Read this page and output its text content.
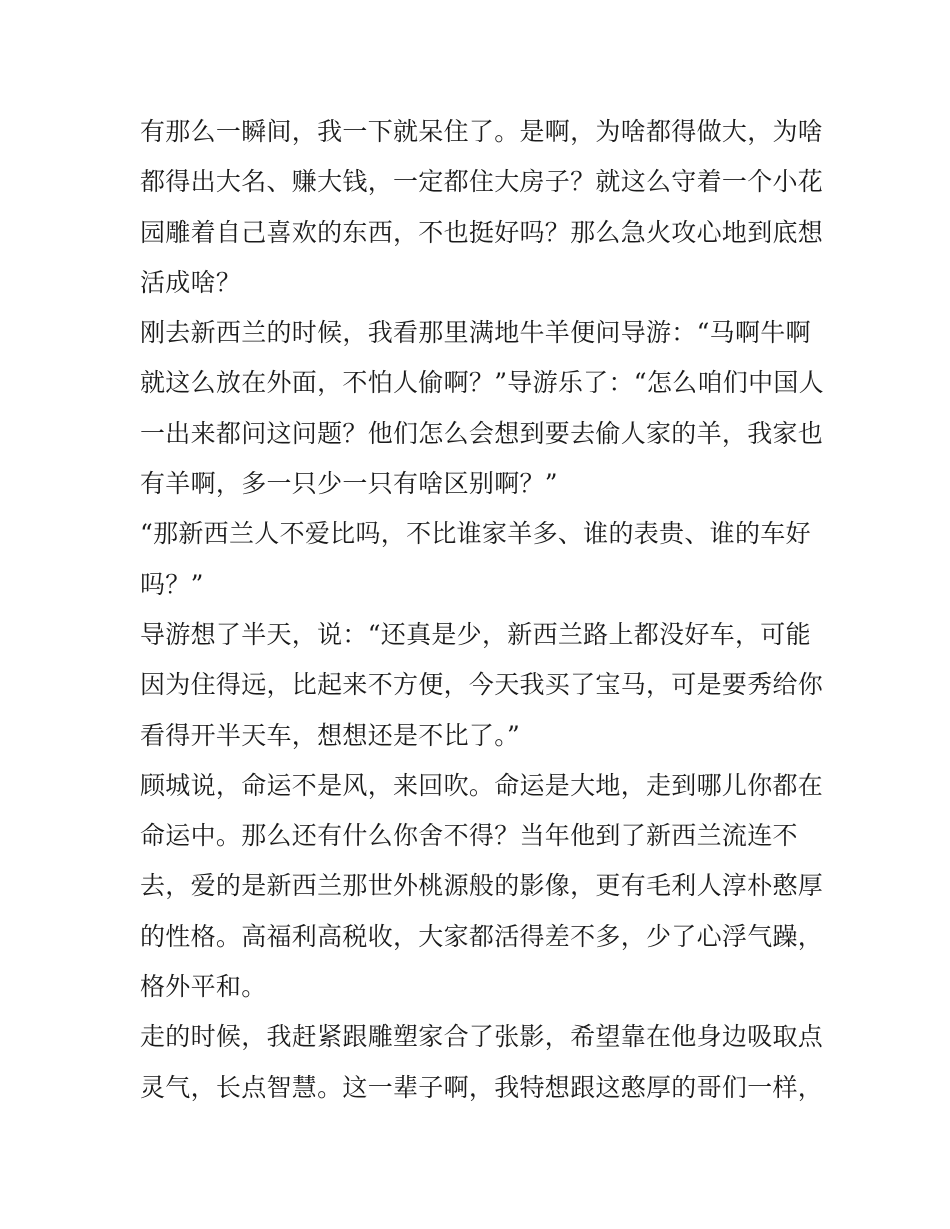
有那么一瞬间，我一下就呆住了。是啊，为啥都得做大，为啥
都得出大名、赚大钱，一定都住大房子？就这么守着一个小花
园雕着自己喜欢的东西，不也挺好吗？那么急火攻心地到底想
活成啥？

刚去新西兰的时候，我看那里满地牛羊便问导游：“马啊牛啊
就这么放在外面，不怕人偷啊？”导游乐了：“怎么咱们中国人
一出来都问这问题？他们怎么会想到要去偷人家的羊，我家也
有羊啊，多一只少一只有啥区别啊？”

“那新西兰人不爱比吗，不比谁家羊多、谁的表贵、谁的车好
吗？”

导游想了半天，说：“还真是少，新西兰路上都没好车，可能
因为住得远，比起来不方便，今天我买了宝马，可是要秀给你
看得开半天车，想想还是不比了。”

顾城说，命运不是风，来回吹。命运是大地，走到哪儿你都在
命运中。那么还有什么你舍不得？当年他到了新西兰流连不
去，爱的是新西兰那世外桃源般的影像，更有毛利人淳朴憨厚
的性格。高福利高税收，大家都活得差不多，少了心浮气躁，
格外平和。

走的时候，我赶紧跟雕塑家合了张影，希望靠在他身边吸取点
灵气，长点智慧。这一辈子啊，我特想跟这憨厚的哥们一样，
